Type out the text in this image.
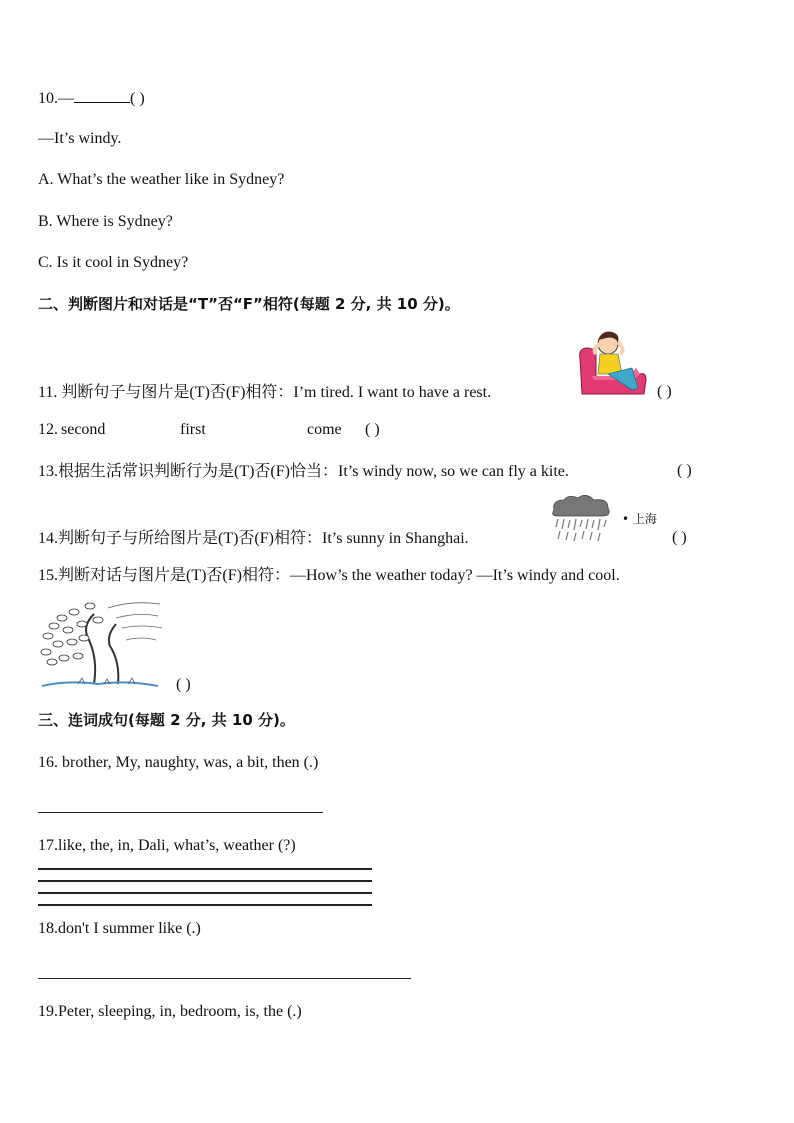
10.—	( )
—It’s windy.
A. What’s the weather like in Sydney?
B. Where is Sydney?
C. Is it cool in Sydney?
二、判断图片和对话是“T”否“F”相符(每题 2 分, 共 10 分)。
11. 判断句子与图片是(T)否(F)相符：I’m tired. I want to have a rest.	( )
12. second	first	come ( )
13.根据生活常识判断行为是(T)否(F)恰当：It’s windy now, so we can fly a kite.	( )
• 上海
14.判断句子与所给图片是(T)否(F)相符：It’s sunny in Shanghai.	( )
15.判断对话与图片是(T)否(F)相符：—How’s the weather today? —It’s windy and cool.
( )
三、连词成句(每题 2 分, 共 10 分)。
16. brother, My, naughty, was, a bit, then (.)
17.like, the, in, Dali, what’s, weather (?)
18.don't I summer like (.)
19.Peter, sleeping, in, bedroom, is, the (.)
